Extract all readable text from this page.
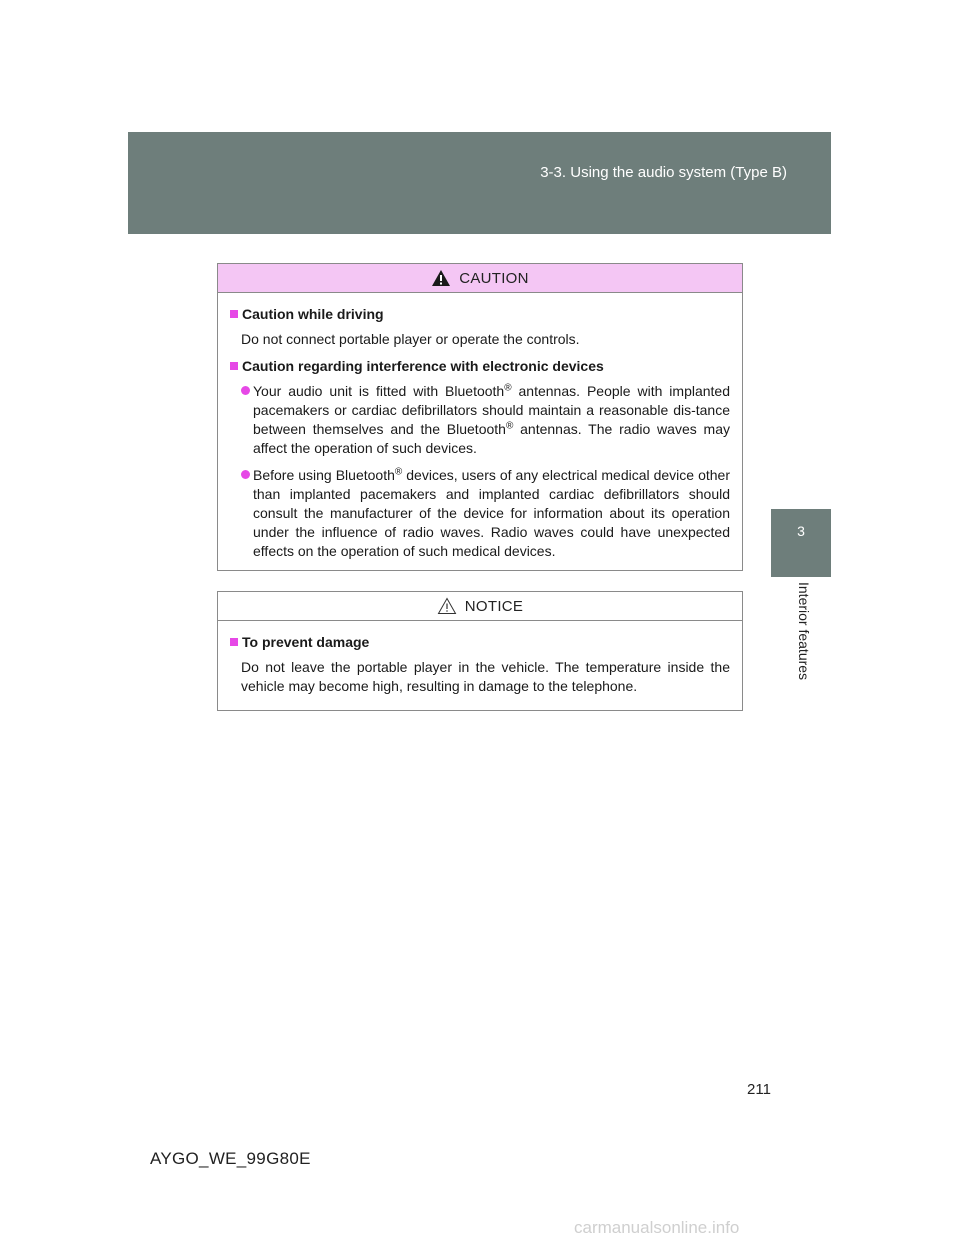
3-3. Using the audio system (Type B)
3
Interior features
CAUTION
Caution while driving
Do not connect portable player or operate the controls.
Caution regarding interference with electronic devices
Your audio unit is fitted with Bluetooth® antennas. People with implanted pacemakers or cardiac defibrillators should maintain a reasonable dis-tance between themselves and the Bluetooth® antennas. The radio waves may affect the operation of such devices.
Before using Bluetooth® devices, users of any electrical medical device other than implanted pacemakers and implanted cardiac defibrillators should consult the manufacturer of the device for information about its operation under the influence of radio waves. Radio waves could have unexpected effects on the operation of such medical devices.
NOTICE
To prevent damage
Do not leave the portable player in the vehicle. The temperature inside the vehicle may become high, resulting in damage to the telephone.
211
AYGO_WE_99G80E
carmanualsonline.info
